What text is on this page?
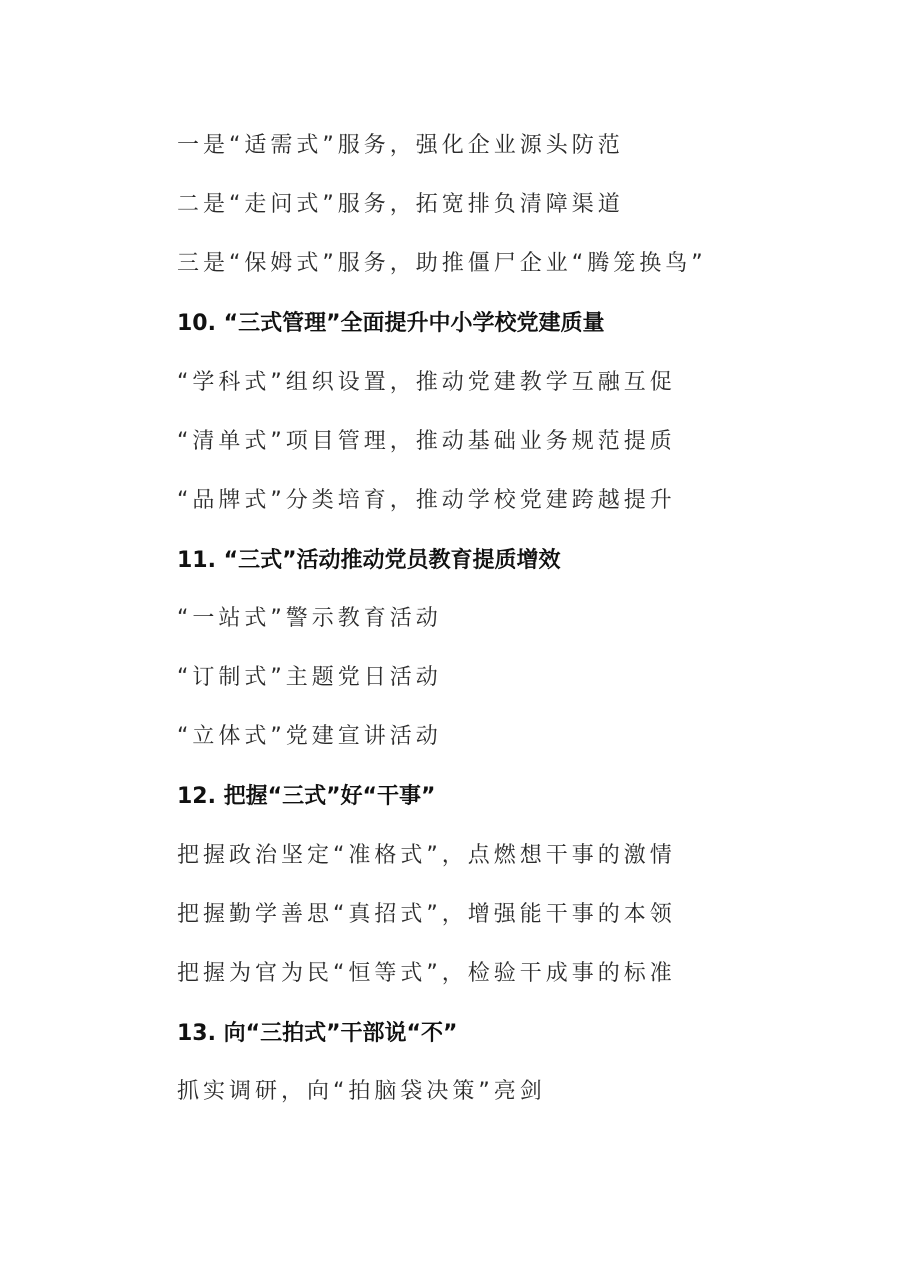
一是“适需式”服务，强化企业源头防范
二是“走问式”服务，拓宽排负清障渠道
三是“保姆式”服务，助推僵尸企业“腾笼换鸟”
10. “三式管理”全面提升中小学校党建质量
“学科式”组织设置，推动党建教学互融互促
“清单式”项目管理，推动基础业务规范提质
“品牌式”分类培育，推动学校党建跨越提升
11. “三式”活动推动党员教育提质增效
“一站式”警示教育活动
“订制式”主题党日活动
“立体式”党建宣讲活动
12. 把握“三式”好“干事”
把握政治坚定“准格式”，点燃想干事的激情
把握勤学善思“真招式”，增强能干事的本领
把握为官为民“恒等式”，检验干成事的标准
13. 向“三拍式”干部说“不”
抓实调研，向“拍脑袋决策”亮剑
